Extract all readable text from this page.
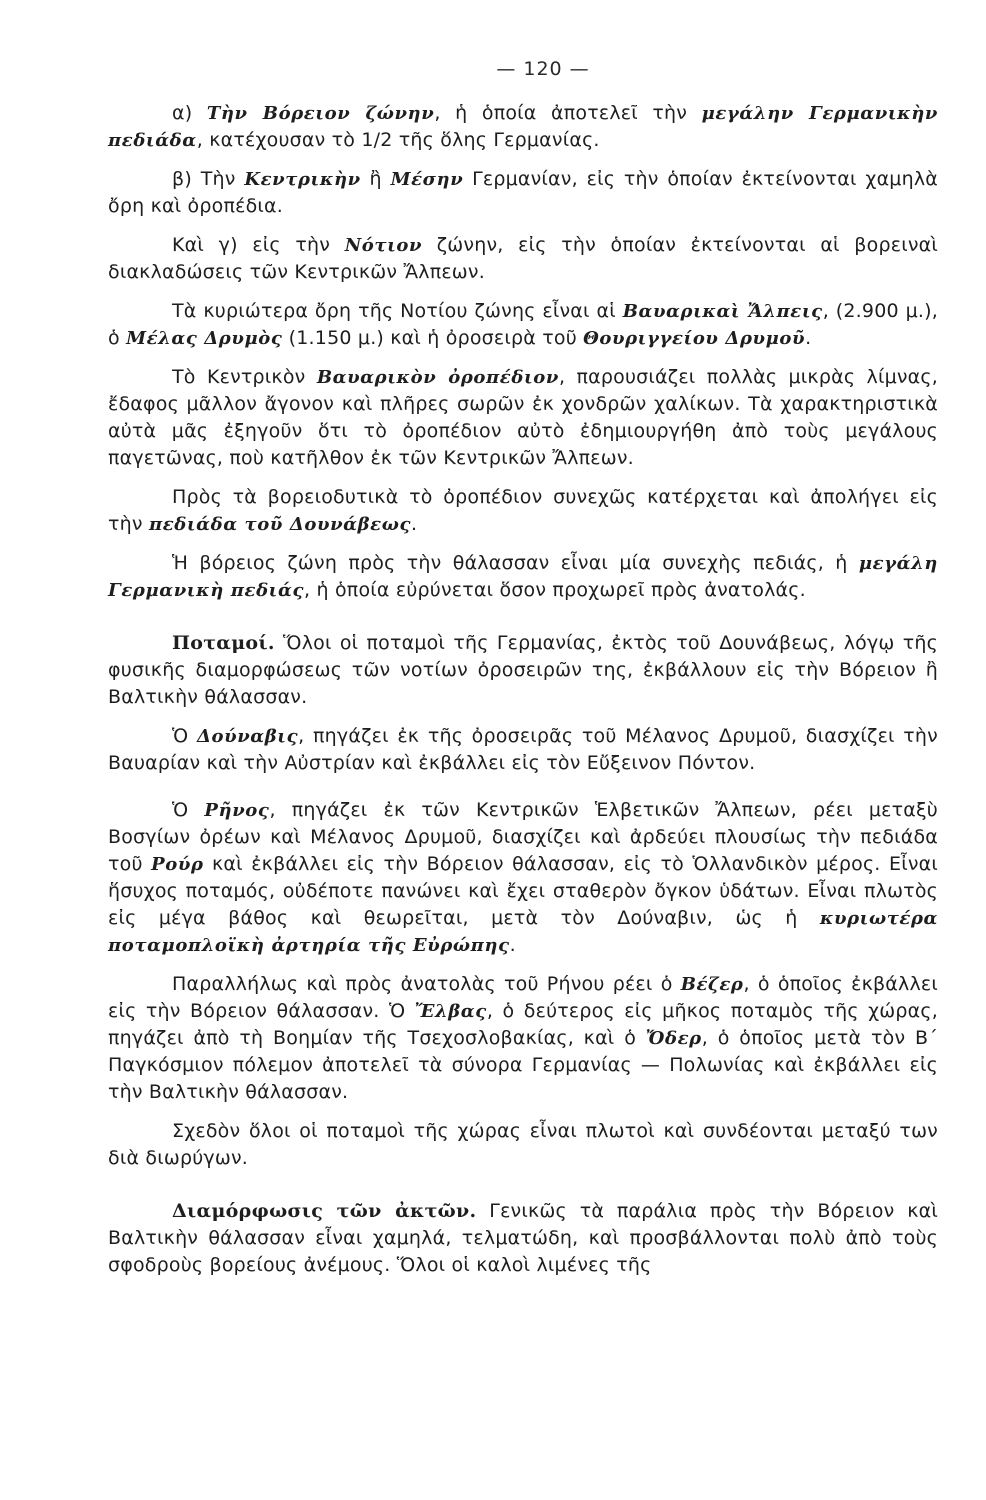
— 120 —

α) Τὴν Βόρειον ζώνην, ἡ ὁποία ἀποτελεῖ τὴν μεγάλην Γερμανικὴν πεδιάδα, κατέχουσαν τὸ 1/2 τῆς ὅλης Γερμανίας.

β) Τὴν Κεντρικὴν ἢ Μέσην Γερμανίαν, εἰς τὴν ὁποίαν ἐκτείνονται χαμηλὰ ὄρη καὶ ὀροπέδια.

Καὶ γ) εἰς τὴν Νότιον ζώνην, εἰς τὴν ὁποίαν ἐκτείνονται αἱ βορειναὶ διακλαδώσεις τῶν Κεντρικῶν Ἄλπεων.

Τὰ κυριώτερα ὄρη τῆς Νοτίου ζώνης εἶναι αἱ Βαυαρικαὶ Ἄλπεις, (2.900 μ.), ὁ Μέλας Δρυμὸς (1.150 μ.) καὶ ἡ ὀροσειρὰ τοῦ Θουριγγείου Δρυμοῦ.

Τὸ Κεντρικὸν Βαυαρικὸν ὀροπέδιον, παρουσιάζει πολλὰς μικρὰς λίμνας, ἔδαφος μᾶλλον ἄγονον καὶ πλῆρες σωρῶν ἐκ χονδρῶν χαλίκων. Τὰ χαρακτηριστικὰ αὐτὰ μᾶς ἐξηγοῦν ὅτι τὸ ὀροπέδιον αὐτὸ ἐδημιουργήθη ἀπὸ τοὺς μεγάλους παγετῶνας, ποὺ κατῆλθον ἐκ τῶν Κεντρικῶν Ἄλπεων.

Πρὸς τὰ βορειοδυτικὰ τὸ ὀροπέδιον συνεχῶς κατέρχεται καὶ ἀπολήγει εἰς τὴν πεδιάδα τοῦ Δουνάβεως.

Ἡ βόρειος ζώνη πρὸς τὴν θάλασσαν εἶναι μία συνεχὴς πεδιάς, ἡ μεγάλη Γερμανικὴ πεδιάς, ἡ ὁποία εὐρύνεται ὅσον προχωρεῖ πρὸς ἀνατολάς.

Ποταμοί. Ὅλοι οἱ ποταμοὶ τῆς Γερμανίας, ἐκτὸς τοῦ Δουνάβεως, λόγῳ τῆς φυσικῆς διαμορφώσεως τῶν νοτίων ὀροσειρῶν της, ἐκβάλλουν εἰς τὴν Βόρειον ἢ Βαλτικὴν θάλασσαν.

Ὁ Δούναβις, πηγάζει ἐκ τῆς ὀροσειρᾶς τοῦ Μέλανος Δρυμοῦ, διασχίζει τὴν Βαυαρίαν καὶ τὴν Αὐστρίαν καὶ ἐκβάλλει εἰς τὸν Εὔξεινον Πόντον.

Ὁ Ρῆνος, πηγάζει ἐκ τῶν Κεντρικῶν Ἑλβετικῶν Ἄλπεων, ρέει μεταξὺ Βοσγίων ὀρέων καὶ Μέλανος Δρυμοῦ, διασχίζει καὶ ἀρδεύει πλουσίως τὴν πεδιάδα τοῦ Ρούρ καὶ ἐκβάλλει εἰς τὴν Βόρειον θάλασσαν, εἰς τὸ Ὁλλανδικὸν μέρος. Εἶναι ἥσυχος ποταμός, οὐδέποτε πανώνει καὶ ἔχει σταθερὸν ὄγκον ὑδάτων. Εἶναι πλωτὸς εἰς μέγα βάθος καὶ θεωρεῖται, μετὰ τὸν Δούναβιν, ὡς ἡ κυριωτέρα ποταμοπλοϊκὴ ἀρτηρία τῆς Εὐρώπης.

Παραλλήλως καὶ πρὸς ἀνατολὰς τοῦ Ρήνου ρέει ὁ Βέζερ, ὁ ὁποῖος ἐκβάλλει εἰς τὴν Βόρειον θάλασσαν. Ὁ Ἔλβας, ὁ δεύτερος εἰς μῆκος ποταμὸς τῆς χώρας, πηγάζει ἀπὸ τὴ Βοημίαν τῆς Τσεχοσλοβακίας, καὶ ὁ Ὄδερ, ὁ ὁποῖος μετὰ τὸν Β΄ Παγκόσμιον πόλεμον ἀποτελεῖ τὰ σύνορα Γερμανίας — Πολωνίας καὶ ἐκβάλλει εἰς τὴν Βαλτικὴν θάλασσαν.

Σχεδὸν ὅλοι οἱ ποταμοὶ τῆς χώρας εἶναι πλωτοὶ καὶ συνδέονται μεταξύ των διὰ διωρύγων.

Διαμόρφωσις τῶν ἀκτῶν. Γενικῶς τὰ παράλια πρὸς τὴν Βόρειον καὶ Βαλτικὴν θάλασσαν εἶναι χαμηλά, τελματώδη, καὶ προσβάλλονται πολὺ ἀπὸ τοὺς σφοδροὺς βορείους ἀνέμους. Ὅλοι οἱ καλοὶ λιμένες τῆς
